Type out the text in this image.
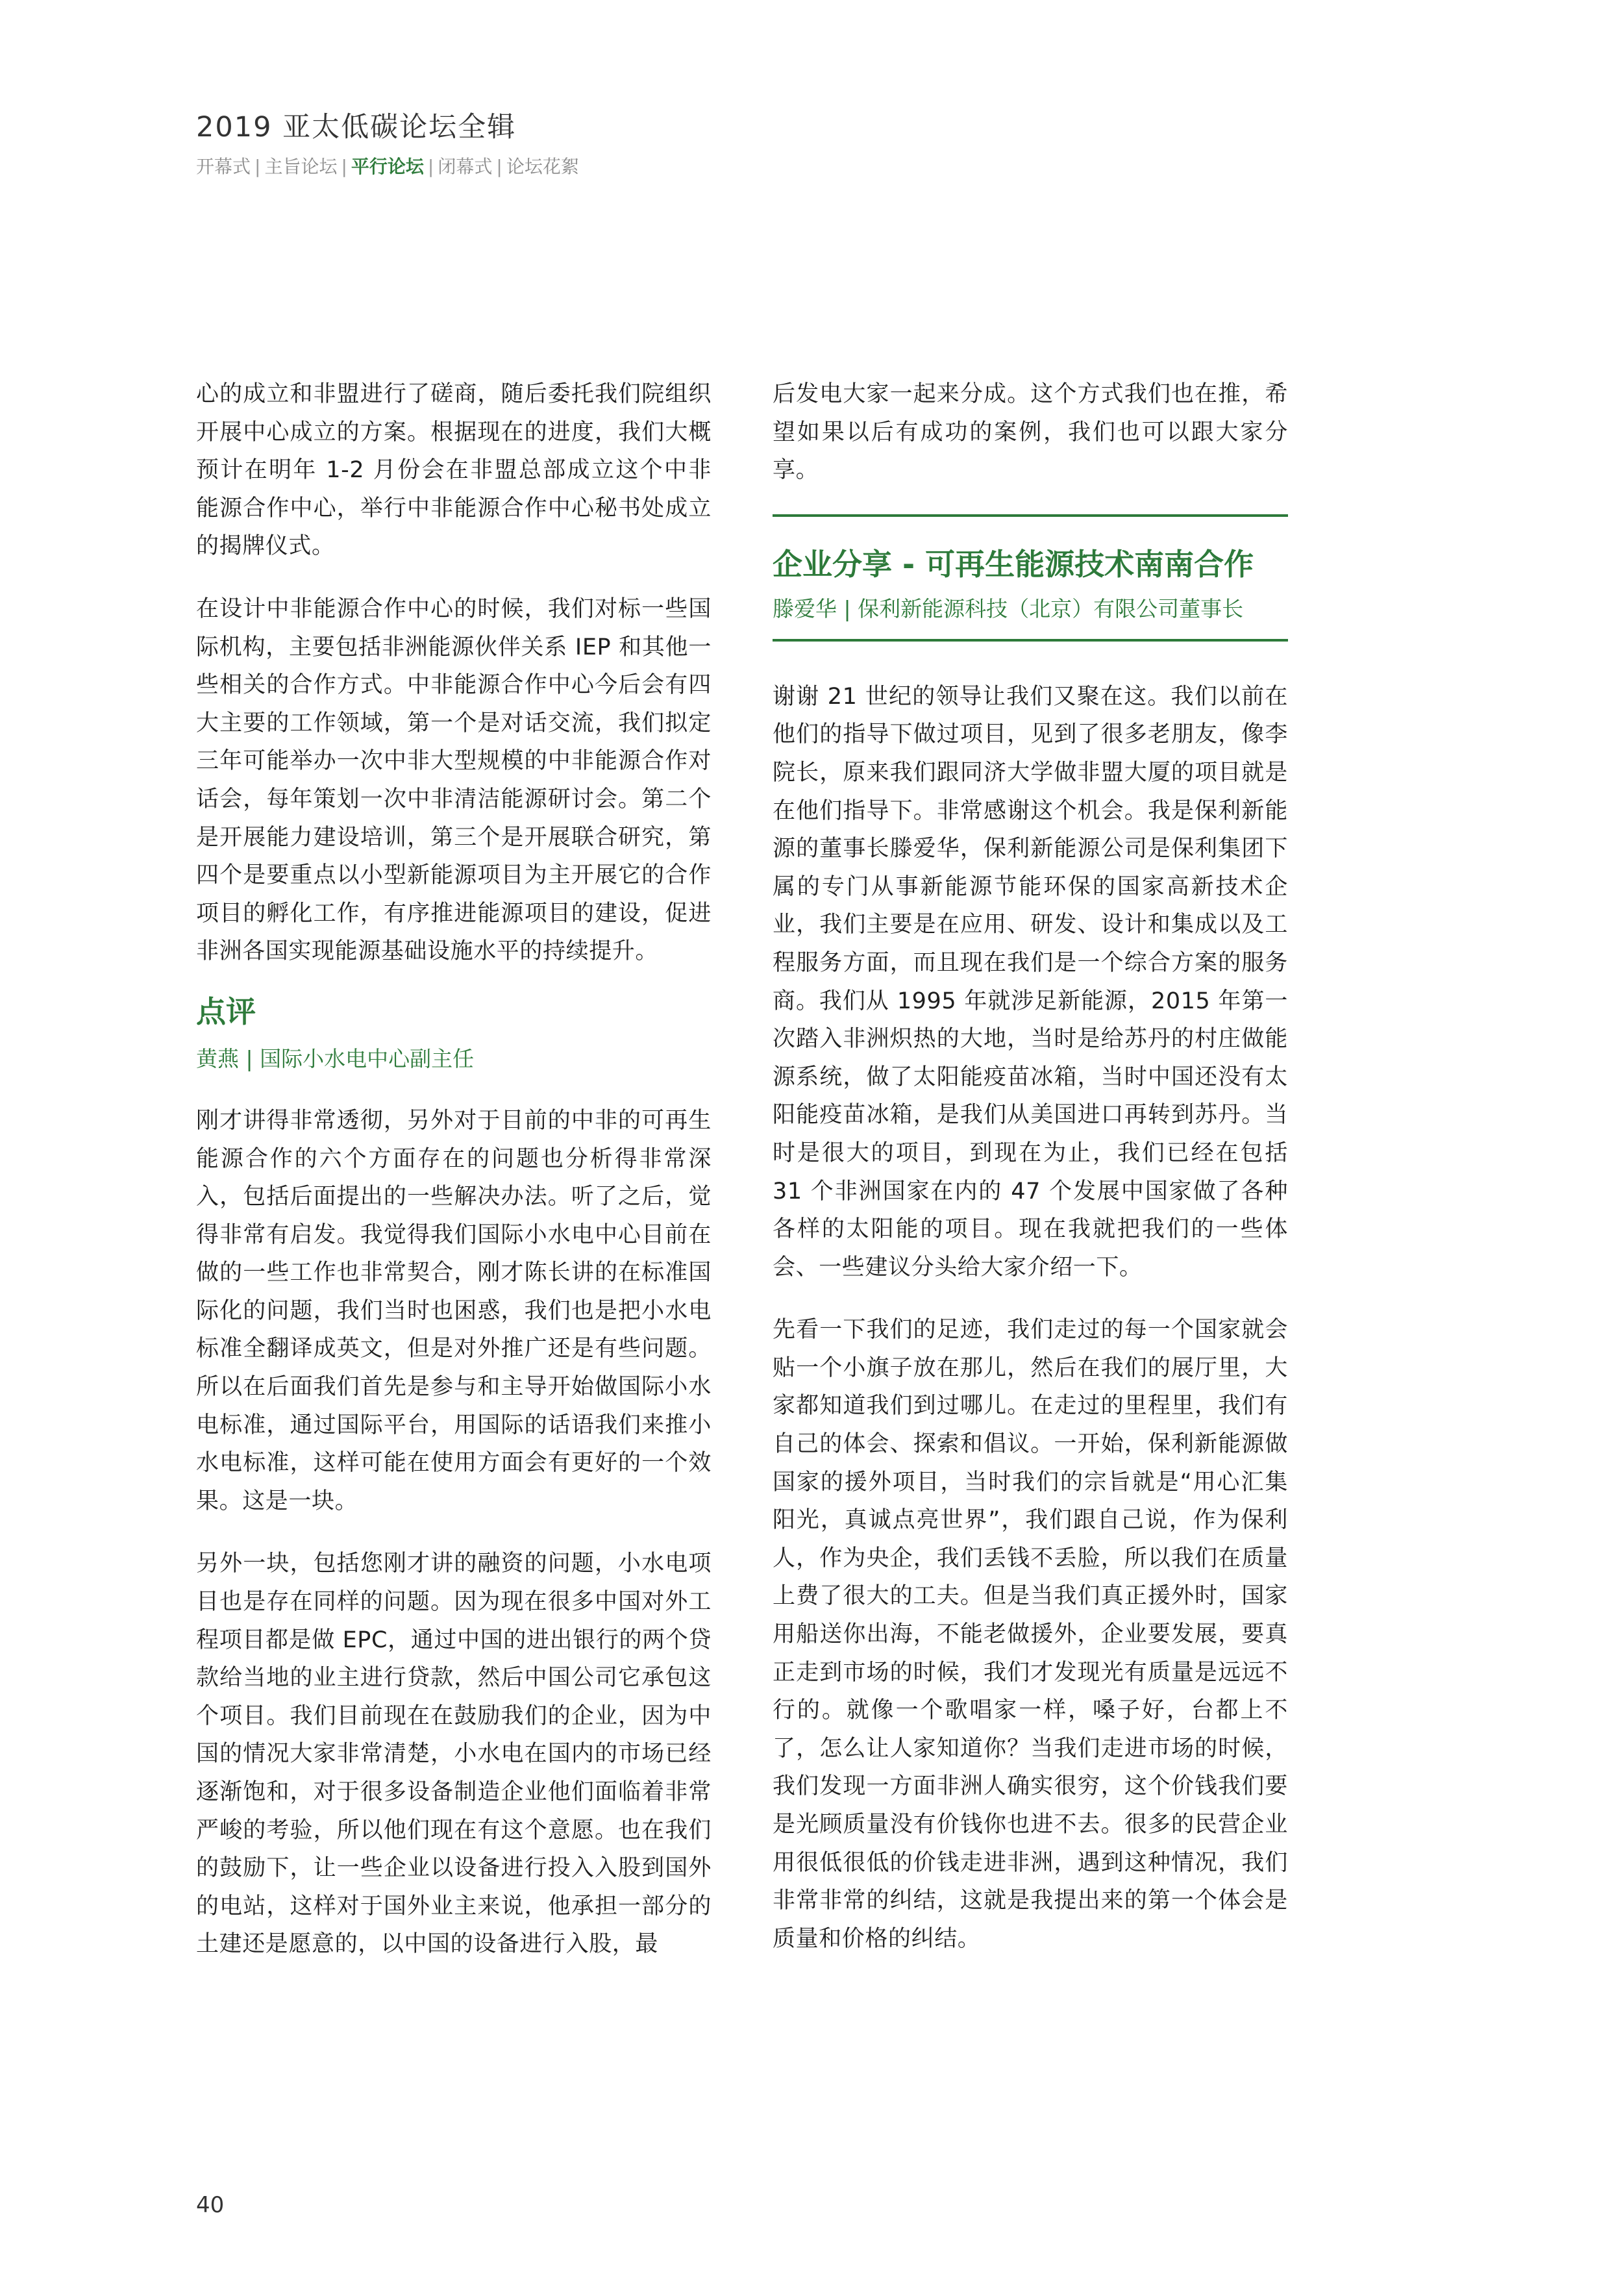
2019 亚太低碳论坛全辑
开幕式 | 主旨论坛 | 平行论坛 | 闭幕式 | 论坛花絮

心的成立和非盟进行了磋商，随后委托我们院组织开展中心成立的方案。根据现在的进度，我们大概预计在明年 1-2 月份会在非盟总部成立这个中非能源合作中心，举行中非能源合作中心秘书处成立的揭牌仪式。

在设计中非能源合作中心的时候，我们对标一些国际机构，主要包括非洲能源伙伴关系 IEP 和其他一些相关的合作方式。中非能源合作中心今后会有四大主要的工作领域，第一个是对话交流，我们拟定三年可能举办一次中非大型规模的中非能源合作对话会，每年策划一次中非清洁能源研讨会。第二个是开展能力建设培训，第三个是开展联合研究，第四个是要重点以小型新能源项目为主开展它的合作项目的孵化工作，有序推进能源项目的建设，促进非洲各国实现能源基础设施水平的持续提升。

点评
黄燕 | 国际小水电中心副主任

刚才讲得非常透彻，另外对于目前的中非的可再生能源合作的六个方面存在的问题也分析得非常深入，包括后面提出的一些解决办法。听了之后，觉得非常有启发。我觉得我们国际小水电中心目前在做的一些工作也非常契合，刚才陈长讲的在标准国际化的问题，我们当时也困惑，我们也是把小水电标准全翻译成英文，但是对外推广还是有些问题。所以在后面我们首先是参与和主导开始做国际小水电标准，通过国际平台，用国际的话语我们来推小水电标准，这样可能在使用方面会有更好的一个效果。这是一块。

另外一块，包括您刚才讲的融资的问题，小水电项目也是存在同样的问题。因为现在很多中国对外工程项目都是做 EPC，通过中国的进出银行的两个贷款给当地的业主进行贷款，然后中国公司它承包这个项目。我们目前现在在鼓励我们的企业，因为中国的情况大家非常清楚，小水电在国内的市场已经逐渐饱和，对于很多设备制造企业他们面临着非常严峻的考验，所以他们现在有这个意愿。也在我们的鼓励下，让一些企业以设备进行投入入股到国外的电站，这样对于国外业主来说，他承担一部分的土建还是愿意的，以中国的设备进行入股，最

后发电大家一起来分成。这个方式我们也在推，希望如果以后有成功的案例，我们也可以跟大家分享。

企业分享 - 可再生能源技术南南合作
滕爱华 | 保利新能源科技（北京）有限公司董事长

谢谢 21 世纪的领导让我们又聚在这。我们以前在他们的指导下做过项目，见到了很多老朋友，像李院长，原来我们跟同济大学做非盟大厦的项目就是在他们指导下。非常感谢这个机会。我是保利新能源的董事长滕爱华，保利新能源公司是保利集团下属的专门从事新能源节能环保的国家高新技术企业，我们主要是在应用、研发、设计和集成以及工程服务方面，而且现在我们是一个综合方案的服务商。我们从 1995 年就涉足新能源，2015 年第一次踏入非洲炽热的大地，当时是给苏丹的村庄做能源系统，做了太阳能疫苗冰箱，当时中国还没有太阳能疫苗冰箱，是我们从美国进口再转到苏丹。当时是很大的项目，到现在为止，我们已经在包括 31 个非洲国家在内的 47 个发展中国家做了各种各样的太阳能的项目。现在我就把我们的一些体会、一些建议分头给大家介绍一下。

先看一下我们的足迹，我们走过的每一个国家就会贴一个小旗子放在那儿，然后在我们的展厅里，大家都知道我们到过哪儿。在走过的里程里，我们有自己的体会、探索和倡议。一开始，保利新能源做国家的援外项目，当时我们的宗旨就是“用心汇集阳光，真诚点亮世界”，我们跟自己说，作为保利人，作为央企，我们丢钱不丢脸，所以我们在质量上费了很大的工夫。但是当我们真正援外时，国家用船送你出海，不能老做援外，企业要发展，要真正走到市场的时候，我们才发现光有质量是远远不行的。就像一个歌唱家一样，嗓子好，台都上不了，怎么让人家知道你？当我们走进市场的时候，我们发现一方面非洲人确实很穷，这个价钱我们要是光顾质量没有价钱你也进不去。很多的民营企业用很低很低的价钱走进非洲，遇到这种情况，我们非常非常的纠结，这就是我提出来的第一个体会是质量和价格的纠结。

40
